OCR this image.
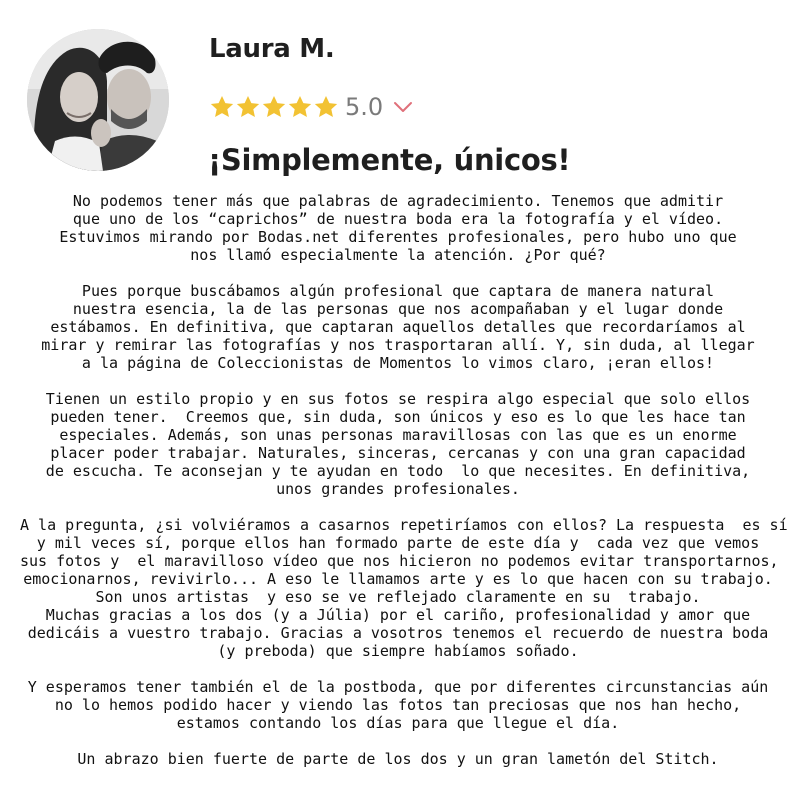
Laura M.
5.0
¡Simplemente, únicos!
No podemos tener más que palabras de agradecimiento. Tenemos que admitir
que uno de los “caprichos” de nuestra boda era la fotografía y el vídeo.
Estuvimos mirando por Bodas.net diferentes profesionales, pero hubo uno que
nos llamó especialmente la atención. ¿Por qué?
Pues porque buscábamos algún profesional que captara de manera natural
nuestra esencia, la de las personas que nos acompañaban y el lugar donde
estábamos. En definitiva, que captaran aquellos detalles que recordaríamos al
mirar y remirar las fotografías y nos trasportaran allí. Y, sin duda, al llegar
a la página de Coleccionistas de Momentos lo vimos claro, ¡eran ellos!
Tienen un estilo propio y en sus fotos se respira algo especial que solo ellos
pueden tener.  Creemos que, sin duda, son únicos y eso es lo que les hace tan
especiales. Además, son unas personas maravillosas con las que es un enorme
placer poder trabajar. Naturales, sinceras, cercanas y con una gran capacidad
de escucha. Te aconsejan y te ayudan en todo  lo que necesites. En definitiva,
unos grandes profesionales.
A la pregunta, ¿si volviéramos a casarnos repetiríamos con ellos? La respuesta  es sí
y mil veces sí, porque ellos han formado parte de este día y  cada vez que vemos
sus fotos y  el maravilloso vídeo que nos hicieron no podemos evitar transportarnos,
emocionarnos, revivirlo... A eso le llamamos arte y es lo que hacen con su trabajo.
Son unos artistas  y eso se ve reflejado claramente en su  trabajo.
Muchas gracias a los dos (y a Júlia) por el cariño, profesionalidad y amor que
dedicáis a vuestro trabajo. Gracias a vosotros tenemos el recuerdo de nuestra boda
(y preboda) que siempre habíamos soñado.
Y esperamos tener también el de la postboda, que por diferentes circunstancias aún
no lo hemos podido hacer y viendo las fotos tan preciosas que nos han hecho,
estamos contando los días para que llegue el día.
Un abrazo bien fuerte de parte de los dos y un gran lametón del Stitch.
